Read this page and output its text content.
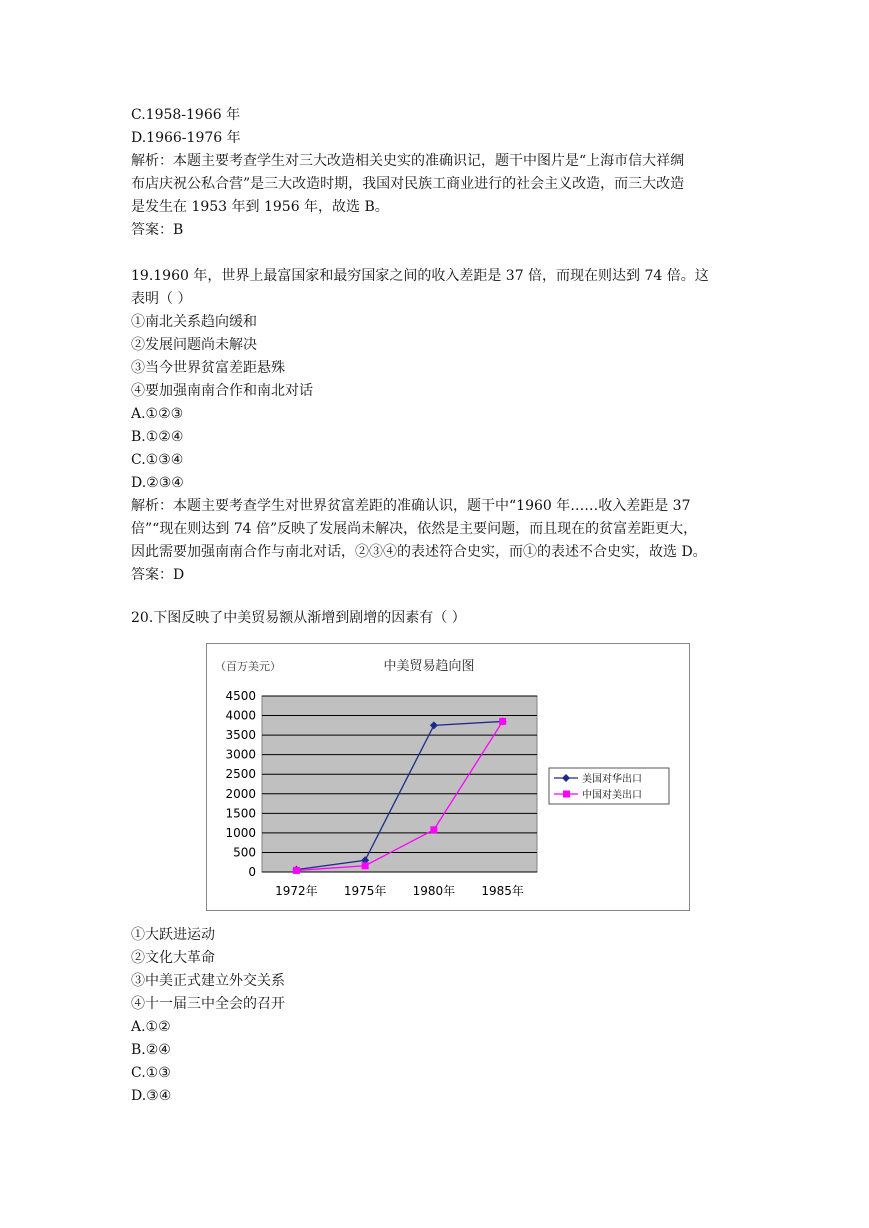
C.1958-1966 年
D.1966-1976 年
解析：本题主要考查学生对三大改造相关史实的准确识记，题干中图片是“上海市信大祥绸
布店庆祝公私合营”是三大改造时期，我国对民族工商业进行的社会主义改造，而三大改造
是发生在 1953 年到 1956 年，故选 B。
答案：B
19.1960 年，世界上最富国家和最穷国家之间的收入差距是 37 倍，而现在则达到 74 倍。这
表明（ ）
①南北关系趋向缓和
②发展问题尚未解决
③当今世界贫富差距悬殊
④要加强南南合作和南北对话
A.①②③
B.①②④
C.①③④
D.②③④
解析：本题主要考查学生对世界贫富差距的准确认识，题干中“1960 年……收入差距是 37
倍”“现在则达到 74 倍”反映了发展尚未解决，依然是主要问题，而且现在的贫富差距更大，
因此需要加强南南合作与南北对话，②③④的表述符合史实，而①的表述不合史实，故选 D。
答案：D
20.下图反映了中美贸易额从渐增到剧增的因素有（ ）
①大跃进运动
②文化大革命
③中美正式建立外交关系
④十一届三中全会的召开
A.①②
B.②④
C.①③
D.③④
（百万美元）	中美贸易趋向图
0
500
1000
1500
2000
2500
3000
3500
4000
4500
1972年 1975年 1980年 1985年
美国对华出口
中国对美出口
